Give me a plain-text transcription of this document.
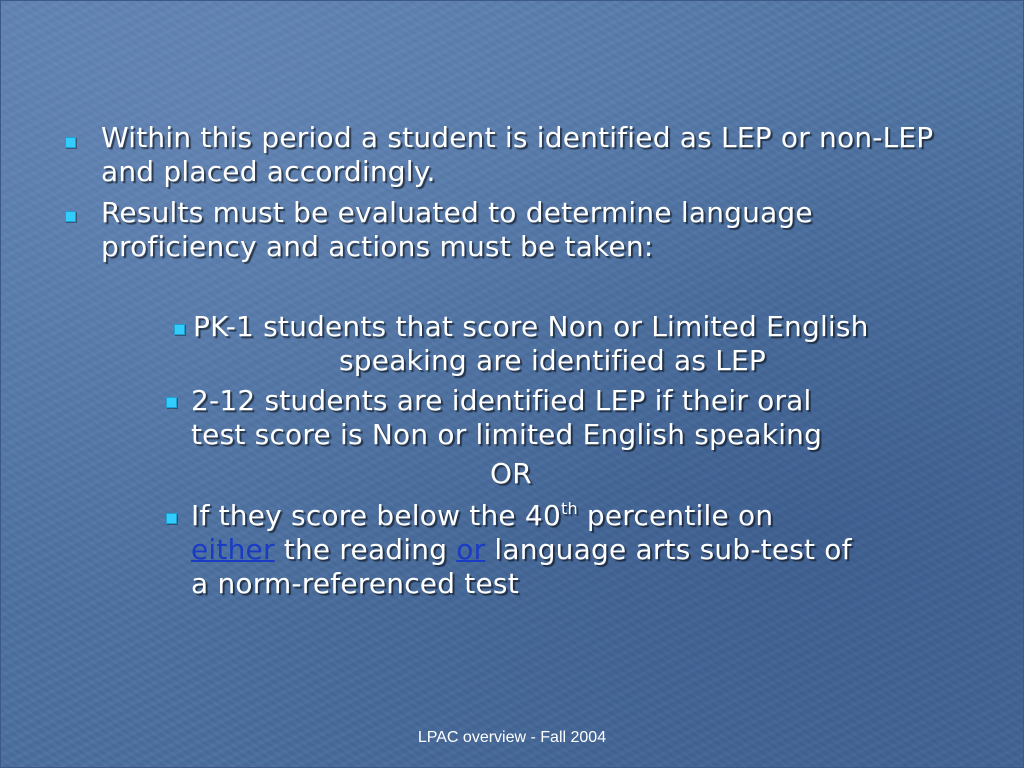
Within this period a student is identified as LEP or non-LEP and placed accordingly.

Results must be evaluated to determine language proficiency and actions must be taken:

PK-1 students that score Non or Limited English

speaking are identified as LEP

2-12 students are identified LEP if their oral

test score is Non or limited English speaking

OR

If they score below the 40th percentile on

either the reading or language arts sub-test of

a norm-referenced test

LPAC overview - Fall 2004
